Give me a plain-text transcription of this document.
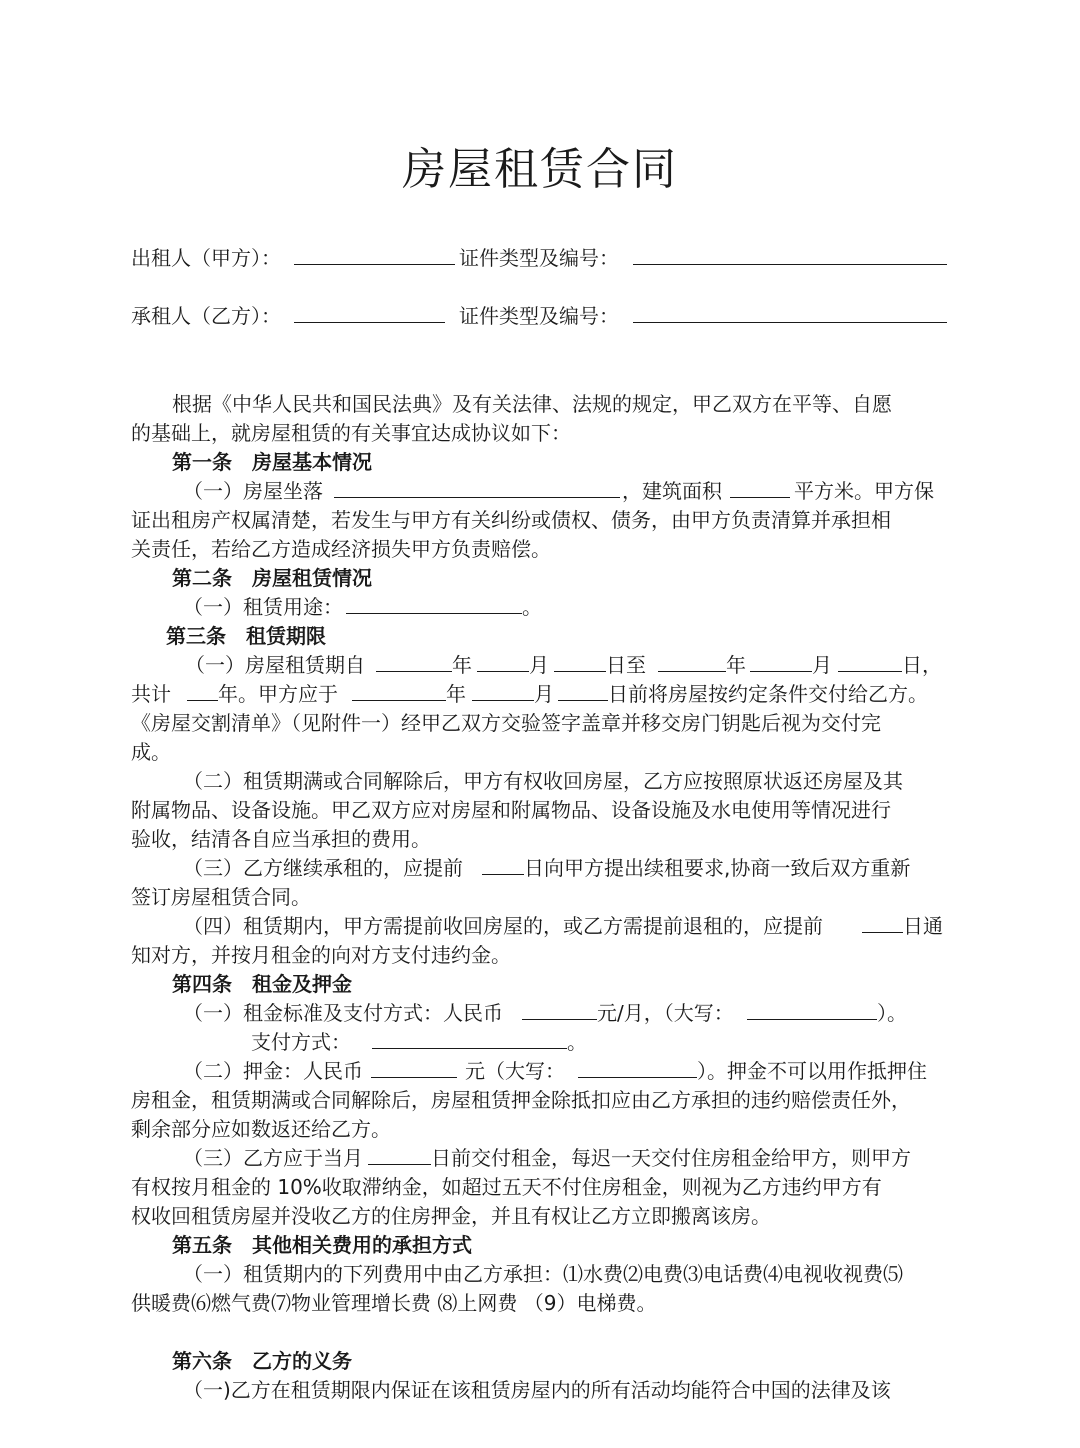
房屋租赁合同
出租人（甲方）：	证件类型及编号：
承租人（乙方）：	证件类型及编号：
根据《中华人民共和国民法典》及有关法律、法规的规定，甲乙双方在平等、自愿
的基础上，就房屋租赁的有关事宜达成协议如下：
第一条　房屋基本情况
（一）房屋坐落	，建筑面积	平方米。甲方保
证出租房产权属清楚，若发生与甲方有关纠纷或债权、债务，由甲方负责清算并承担相
关责任，若给乙方造成经济损失甲方负责赔偿。
第二条　房屋租赁情况
（一）租赁用途：	。
第三条　租赁期限
（一）房屋租赁期自	年	月	日至	年	月	日，
共计 年。甲方应于	年	月	日前将房屋按约定条件交付给乙方。
《房屋交割清单》（见附件一）经甲乙双方交验签字盖章并移交房门钥匙后视为交付完
成。
（二）租赁期满或合同解除后，甲方有权收回房屋，乙方应按照原状返还房屋及其
附属物品、设备设施。甲乙双方应对房屋和附属物品、设备设施及水电使用等情况进行
验收，结清各自应当承担的费用。
（三）乙方继续承租的，应提前	日向甲方提出续租要求,协商一致后双方重新
签订房屋租赁合同。
（四）租赁期内，甲方需提前收回房屋的，或乙方需提前退租的，应提前	日通
知对方，并按月租金的向对方支付违约金。
第四条　租金及押金
（一）租金标准及支付方式：人民币	元/月，（大写：	）。
支付方式：	。
（二）押金：人民币	元（大写：	）。押金不可以用作抵押住
房租金，租赁期满或合同解除后，房屋租赁押金除抵扣应由乙方承担的违约赔偿责任外，
剩余部分应如数返还给乙方。
（三）乙方应于当月	日前交付租金，每迟一天交付住房租金给甲方，则甲方
有权按月租金的 10%收取滞纳金，如超过五天不付住房租金，则视为乙方违约甲方有
权收回租赁房屋并没收乙方的住房押金，并且有权让乙方立即搬离该房。
第五条　其他相关费用的承担方式
（一）租赁期内的下列费用中由乙方承担：⑴水费⑵电费⑶电话费⑷电视收视费⑸
供暖费⑹燃气费⑺物业管理增长费 ⑻上网费 （9）电梯费。
第六条　乙方的义务
（一)乙方在租赁期限内保证在该租赁房屋内的所有活动均能符合中国的法律及该
